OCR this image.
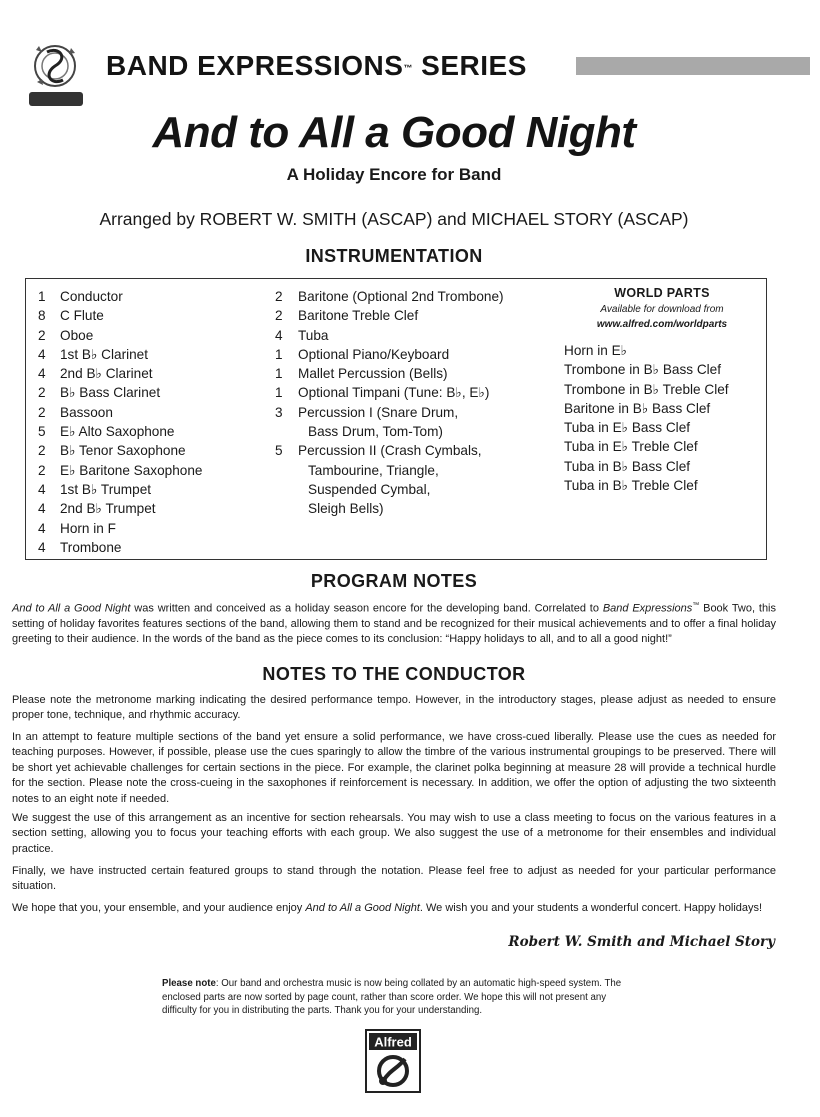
BAND EXPRESSIONS™ SERIES
And to All a Good Night
A Holiday Encore for Band
Arranged by ROBERT W. SMITH (ASCAP) and MICHAEL STORY (ASCAP)
INSTRUMENTATION
1	Conductor
8	C Flute
2	Oboe
4	1st B♭ Clarinet
4	2nd B♭ Clarinet
2	B♭ Bass Clarinet
2	Bassoon
5	E♭ Alto Saxophone
2	B♭ Tenor Saxophone
2	E♭ Baritone Saxophone
4	1st B♭ Trumpet
4	2nd B♭ Trumpet
4	Horn in F
4	Trombone
2	Baritone (Optional 2nd Trombone)
2	Baritone Treble Clef
4	Tuba
1	Optional Piano/Keyboard
1	Mallet Percussion (Bells)
1	Optional Timpani (Tune: B♭, E♭)
3	Percussion I (Snare Drum,
Bass Drum, Tom-Tom)
5	Percussion II (Crash Cymbals,
Tambourine, Triangle,
Suspended Cymbal,
Sleigh Bells)
WORLD PARTS
Available for download from
www.alfred.com/worldparts
Horn in E♭
Trombone in B♭ Bass Clef
Trombone in B♭ Treble Clef
Baritone in B♭ Bass Clef
Tuba in E♭ Bass Clef
Tuba in E♭ Treble Clef
Tuba in B♭ Bass Clef
Tuba in B♭ Treble Clef
PROGRAM NOTES
And to All a Good Night was written and conceived as a holiday season encore for the developing band. Correlated to Band Expressions™ Book Two, this setting of holiday favorites features sections of the band, allowing them to stand and be recognized for their musical achievements and to offer a final holiday greeting to their audience. In the words of the band as the piece comes to its conclusion: “Happy holidays to all, and to all a good night!”
NOTES TO THE CONDUCTOR
Please note the metronome marking indicating the desired performance tempo. However, in the introductory stages, please adjust as needed to ensure proper tone, technique, and rhythmic accuracy.
In an attempt to feature multiple sections of the band yet ensure a solid performance, we have cross-cued liberally. Please use the cues as needed for teaching purposes. However, if possible, please use the cues sparingly to allow the timbre of the various instrumental groupings to be preserved. There will be short yet achievable challenges for certain sections in the piece. For example, the clarinet polka beginning at measure 28 will provide a technical hurdle for the section. Please note the cross-cueing in the saxophones if reinforcement is necessary. In addition, we offer the option of adjusting the two sixteenth notes to an eight note if needed.
We suggest the use of this arrangement as an incentive for section rehearsals. You may wish to use a class meeting to focus on the various features in a section setting, allowing you to focus your teaching efforts with each group. We also suggest the use of a metronome for their ensembles and individual practice.
Finally, we have instructed certain featured groups to stand through the notation. Please feel free to adjust as needed for your particular performance situation.
We hope that you, your ensemble, and your audience enjoy And to All a Good Night. We wish you and your students a wonderful concert. Happy holidays!
Robert W. Smith and Michael Story
Please note: Our band and orchestra music is now being collated by an automatic high-speed system. The enclosed parts are now sorted by page count, rather than score order. We hope this will not present any difficulty for you in distributing the parts. Thank you for your understanding.
Alfred
